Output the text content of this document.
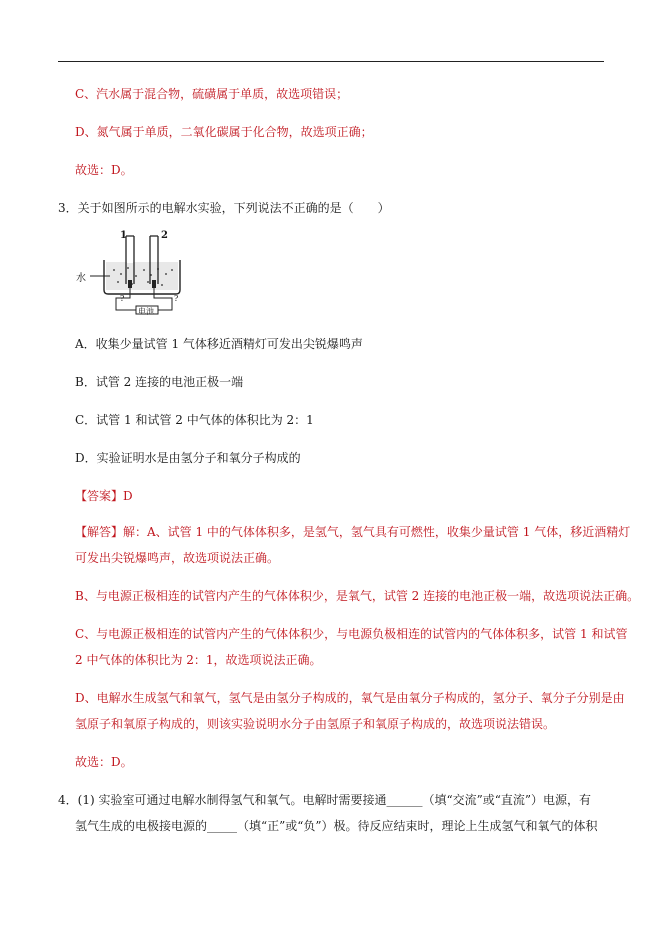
C、汽水属于混合物，硫磺属于单质，故选项错误；
D、氮气属于单质，二氧化碳属于化合物，故选项正确；
故选：D。
3．关于如图所示的电解水实验，下列说法不正确的是（　　）
1	2
水
?	?
电池
A．收集少量试管 1 气体移近酒精灯可发出尖锐爆鸣声
B．试管 2 连接的电池正极一端
C．试管 1 和试管 2 中气体的体积比为 2：1
D．实验证明水是由氢分子和氧分子构成的
【答案】D
【解答】解：A、试管 1 中的气体体积多，是氢气，氢气具有可燃性，收集少量试管 1 气体，移近酒精灯
可发出尖锐爆鸣声，故选项说法正确。
B、与电源正极相连的试管内产生的气体体积少，是氧气，试管 2 连接的电池正极一端，故选项说法正确。
C、与电源正极相连的试管内产生的气体体积少，与电源负极相连的试管内的气体体积多，试管 1 和试管
2 中气体的体积比为 2：1，故选项说法正确。
D、电解水生成氢气和氧气，氢气是由氢分子构成的，氧气是由氧分子构成的，氢分子、氧分子分别是由
氢原子和氧原子构成的，则该实验说明水分子由氢原子和氧原子构成的，故选项说法错误。
故选：D。
4．(1) 实验室可通过电解水制得氢气和氧气。电解时需要接通______（填“交流”或“直流”）电源，有
氢气生成的电极接电源的_____（填“正”或“负”）极。待反应结束时，理论上生成氢气和氧气的体积
